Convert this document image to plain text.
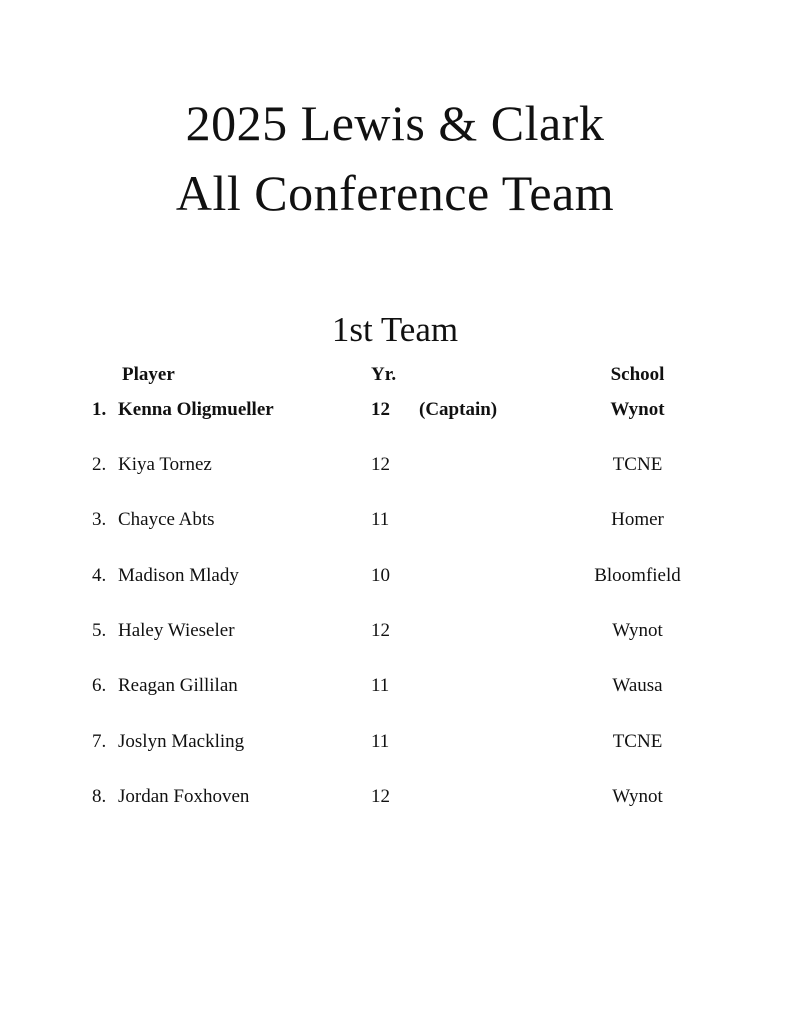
2025 Lewis & Clark
All Conference Team
1st Team
Player	Yr.	School
1. Kenna Oligmueller	12 (Captain)	Wynot
2. Kiya Tornez	12	TCNE
3. Chayce Abts	11	Homer
4. Madison Mlady	10	Bloomfield
5. Haley Wieseler	12	Wynot
6. Reagan Gillilan	11	Wausa
7. Joslyn Mackling	11	TCNE
8. Jordan Foxhoven	12	Wynot
